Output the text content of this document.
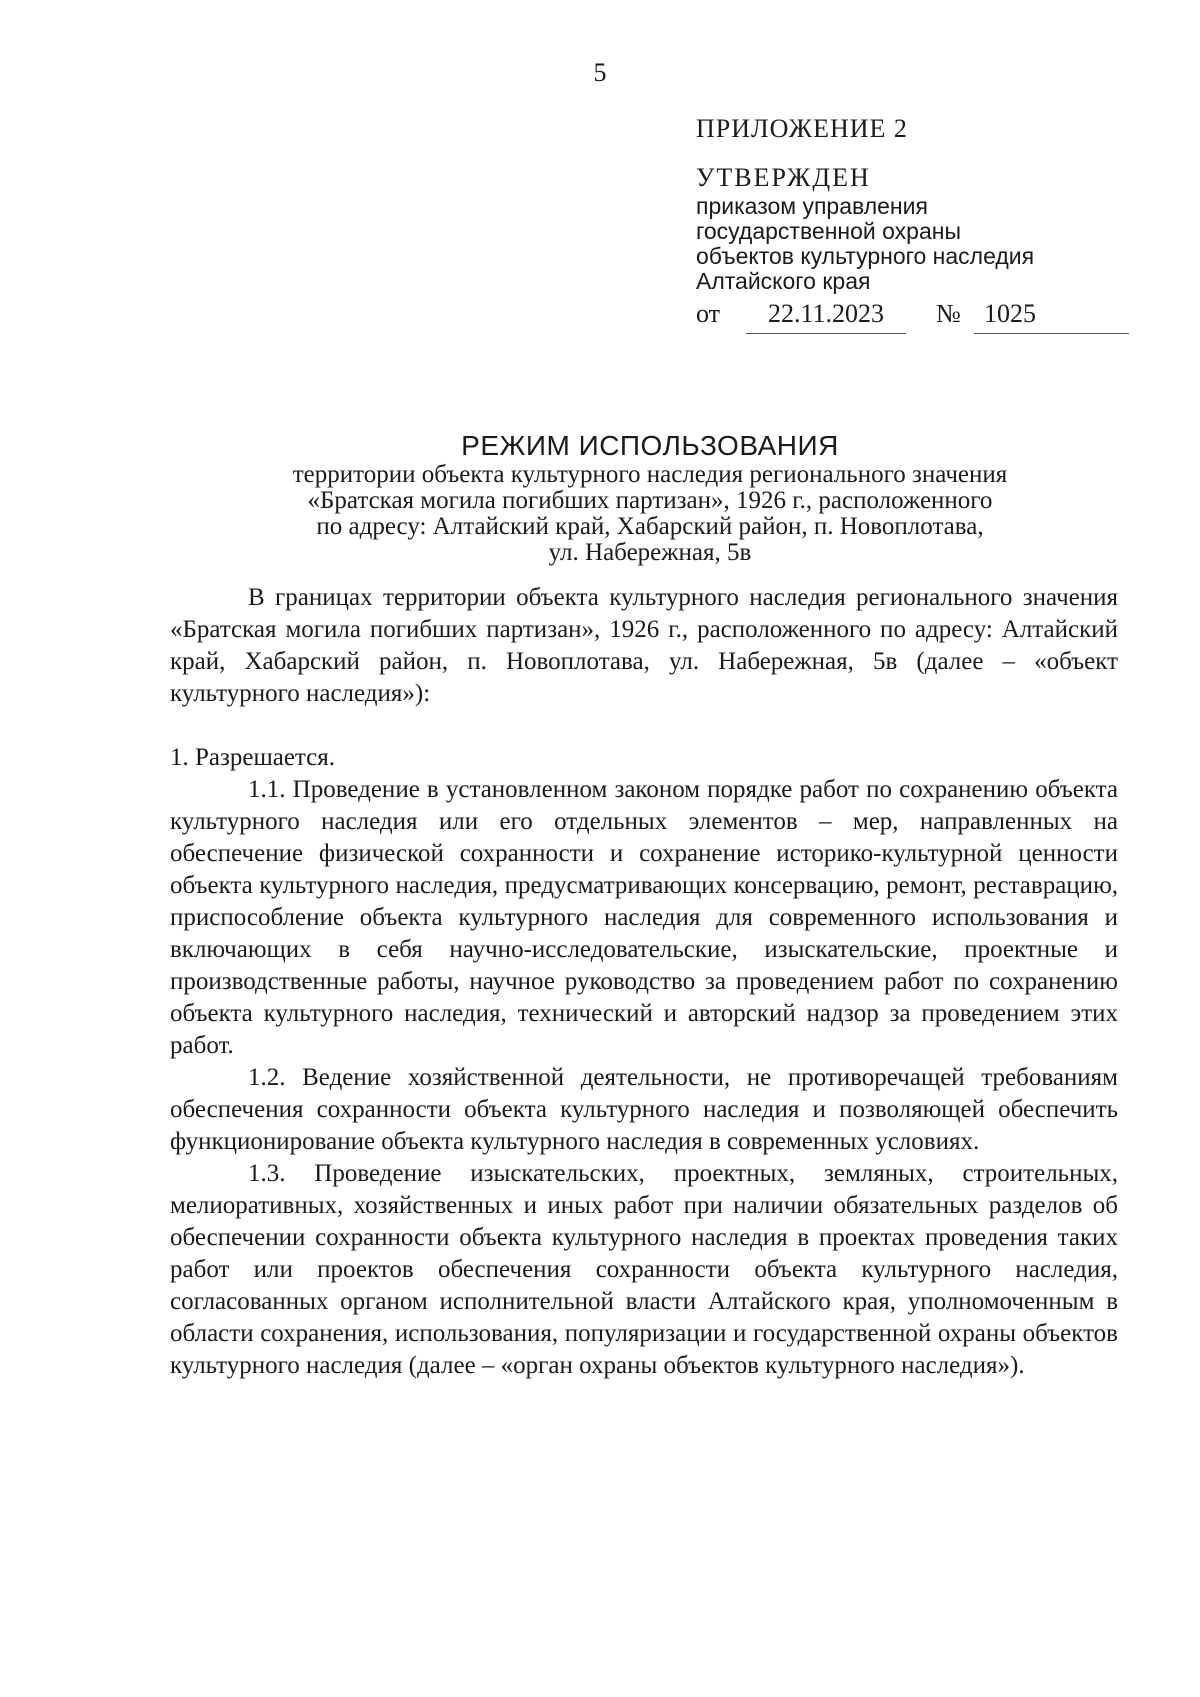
5
ПРИЛОЖЕНИЕ 2
УТВЕРЖДЕН
приказом управления
государственной охраны
объектов культурного наследия
Алтайского края
от	22.11.2023	№ 1025
РЕЖИМ ИСПОЛЬЗОВАНИЯ
территории объекта культурного наследия регионального значения
«Братская могила погибших партизан», 1926 г., расположенного
по адресу: Алтайский край, Хабарский район, п. Новоплотава,
ул. Набережная, 5в

В границах территории объекта культурного наследия регионального значения «Братская могила погибших партизан», 1926 г., расположенного по адресу: Алтайский край, Хабарский район, п. Новоплотава, ул. Набережная, 5в (далее – «объект культурного наследия»):

1. Разрешается.

1.1. Проведение в установленном законом порядке работ по сохранению объекта культурного наследия или его отдельных элементов – мер, направленных на обеспечение физической сохранности и сохранение историко-культурной ценности объекта культурного наследия, предусматривающих консервацию, ремонт, реставрацию, приспособление объекта культурного наследия для современного использования и включающих в себя научно-исследовательские, изыскательские, проектные и производственные работы, научное руководство за проведением работ по сохранению объекта культурного наследия, технический и авторский надзор за проведением этих работ.

1.2. Ведение хозяйственной деятельности, не противоречащей требованиям обеспечения сохранности объекта культурного наследия и позволяющей обеспечить функционирование объекта культурного наследия в современных условиях.

1.3. Проведение изыскательских, проектных, земляных, строительных, мелиоративных, хозяйственных и иных работ при наличии обязательных разделов об обеспечении сохранности объекта культурного наследия в проектах проведения таких работ или проектов обеспечения сохранности объекта культурного наследия, согласованных органом исполнительной власти Алтайского края, уполномоченным в области сохранения, использования, популяризации и государственной охраны объектов культурного наследия (далее – «орган охраны объектов культурного наследия»).
